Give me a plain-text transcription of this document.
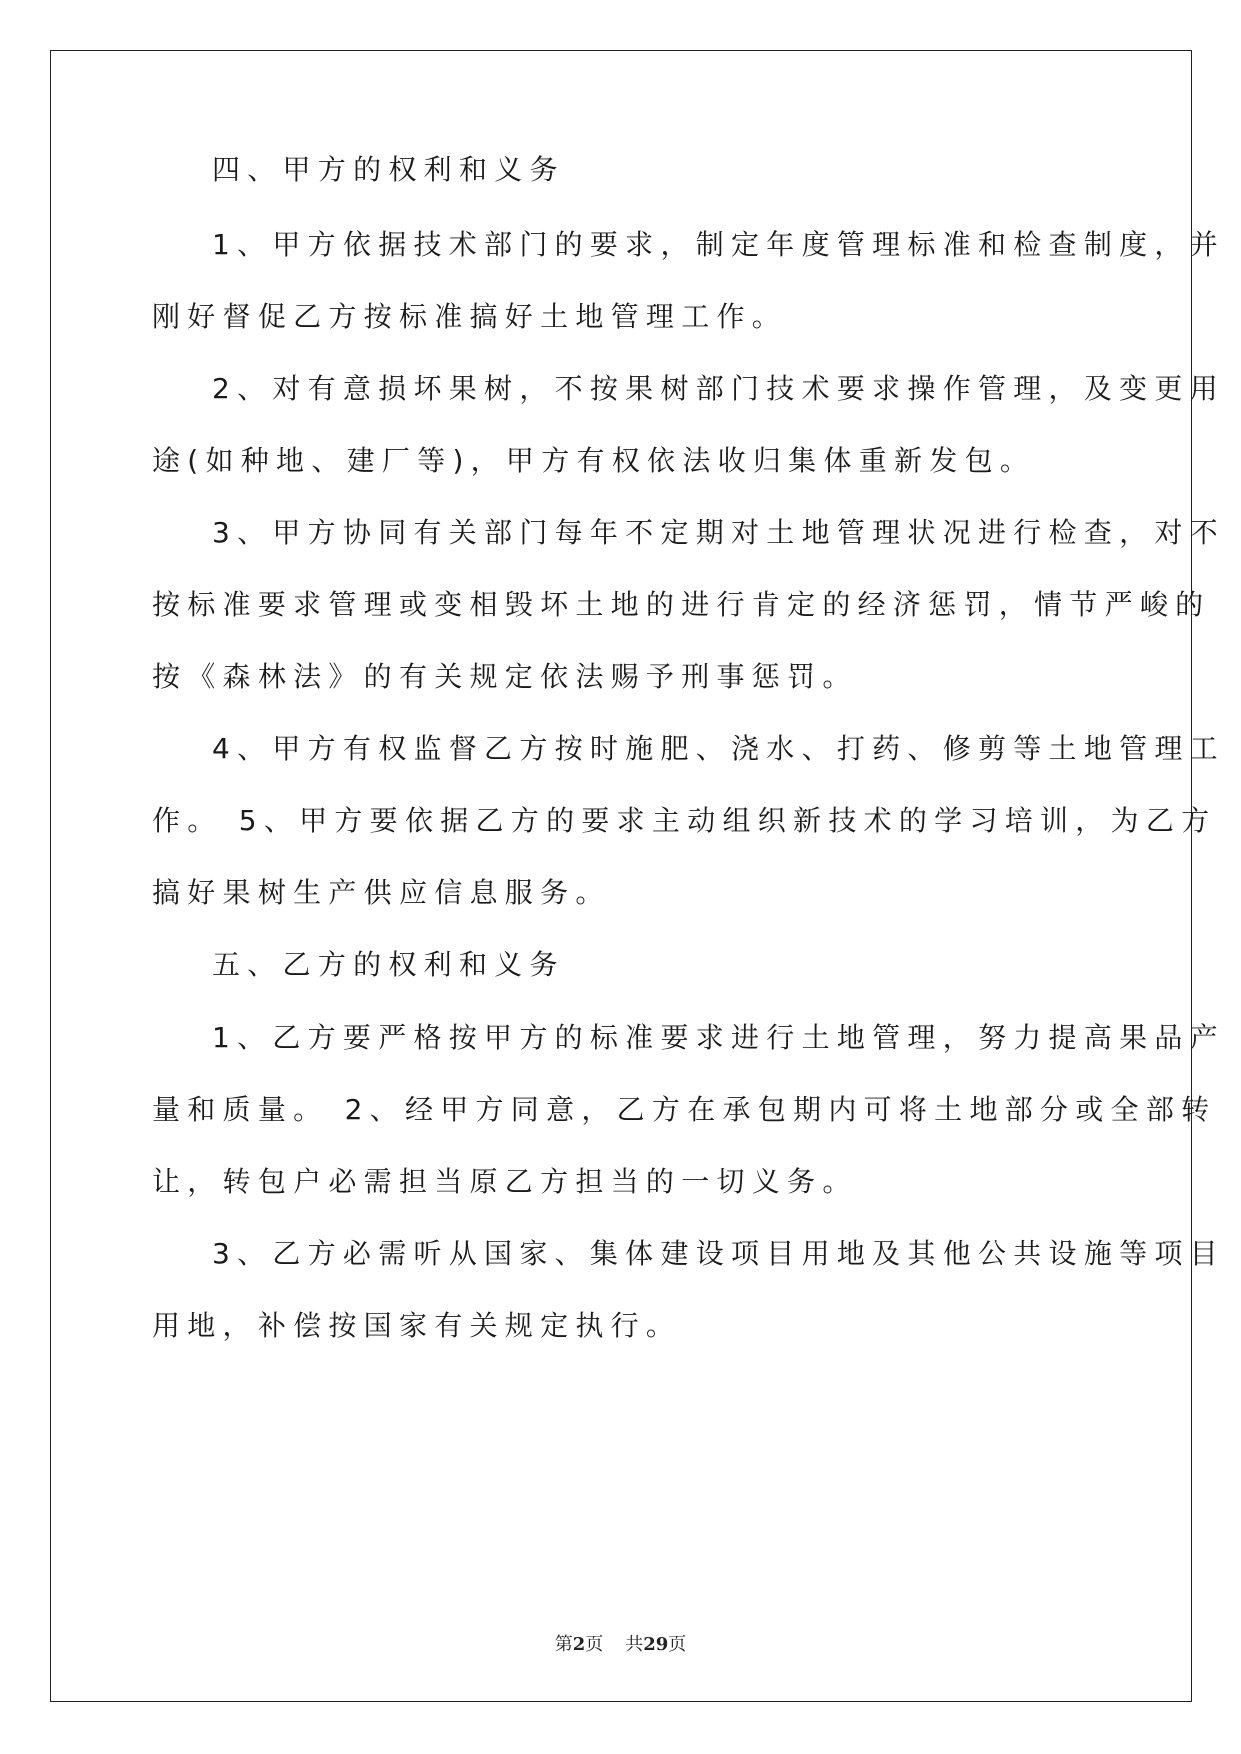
四、甲方的权利和义务
1、甲方依据技术部门的要求，制定年度管理标准和检查制度，并
刚好督促乙方按标准搞好土地管理工作。
2、对有意损坏果树，不按果树部门技术要求操作管理，及变更用
途(如种地、建厂等)，甲方有权依法收归集体重新发包。
3、甲方协同有关部门每年不定期对土地管理状况进行检查，对不
按标准要求管理或变相毁坏土地的进行肯定的经济惩罚，情节严峻的
按《森林法》的有关规定依法赐予刑事惩罚。
4、甲方有权监督乙方按时施肥、浇水、打药、修剪等土地管理工
作。 5、甲方要依据乙方的要求主动组织新技术的学习培训，为乙方
搞好果树生产供应信息服务。
五、乙方的权利和义务
1、乙方要严格按甲方的标准要求进行土地管理，努力提高果品产
量和质量。 2、经甲方同意，乙方在承包期内可将土地部分或全部转
让，转包户必需担当原乙方担当的一切义务。
3、乙方必需听从国家、集体建设项目用地及其他公共设施等项目
用地，补偿按国家有关规定执行。
第2页 共29页
